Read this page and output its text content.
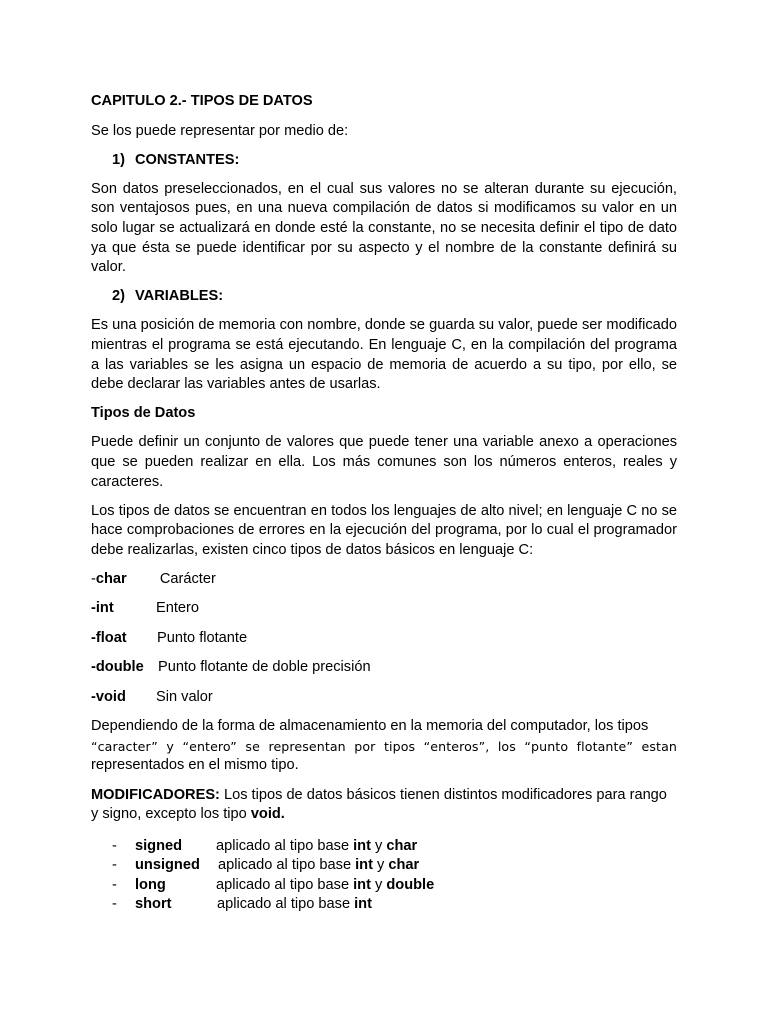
CAPITULO 2.- TIPOS DE DATOS

Se los puede representar por medio de:

1) CONSTANTES:

Son datos preseleccionados, en el cual sus valores no se alteran durante su ejecución, son ventajosos pues, en una nueva compilación de datos si modificamos su valor en un solo lugar se actualizará en donde esté la constante, no se necesita definir el tipo de dato ya que ésta se puede identificar por su aspecto y el nombre de la constante definirá su valor.

2) VARIABLES:

Es una posición de memoria con nombre, donde se guarda su valor, puede ser modificado mientras el programa se está ejecutando. En lenguaje C, en la compilación del programa a las variables se les asigna un espacio de memoria de acuerdo a su tipo, por ello, se debe declarar las variables antes de usarlas.

Tipos de Datos

Puede definir un conjunto de valores que puede tener una variable anexo a operaciones que se pueden realizar en ella. Los más comunes son los números enteros, reales y caracteres.

Los tipos de datos se encuentran en todos los lenguajes de alto nivel; en lenguaje C no se hace comprobaciones de errores en la ejecución del programa, por lo cual el programador debe realizarlas, existen cinco tipos de datos básicos en lenguaje C:

-char Carácter
-int	Entero
-float Punto flotante
-double Punto flotante de doble precisión
-void Sin valor
Dependiendo de la forma de almacenamiento en la memoria del computador, los tipos
“caracter” y “entero” se representan por tipos “enteros”, los “punto flotante” estan
representados en el mismo tipo.

MODIFICADORES: Los tipos de datos básicos tienen distintos modificadores para rango y signo, excepto los tipo void.

- signed aplicado al tipo base int y char
- unsigned aplicado al tipo base int y char
- long	aplicado al tipo base int y double
- short	aplicado al tipo base int
